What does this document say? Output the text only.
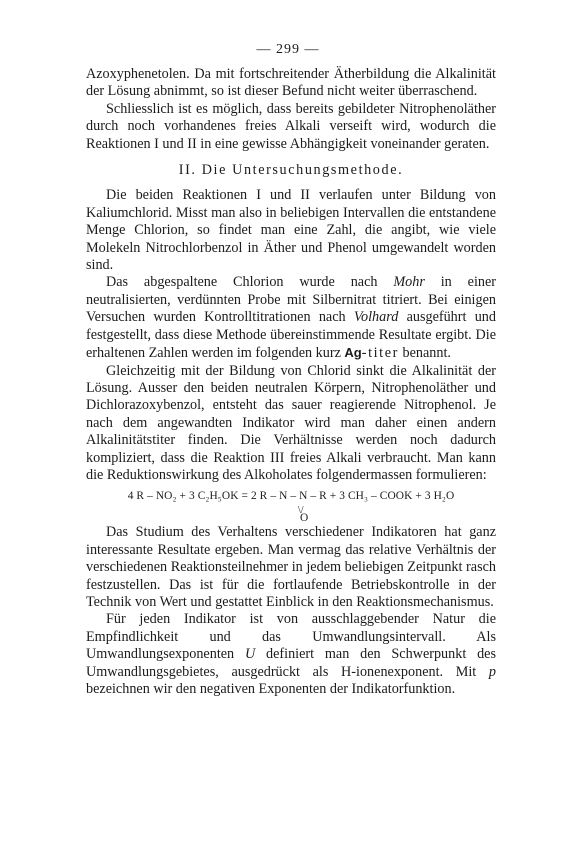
— 299 —

Azoxyphenetolen. Da mit fortschreitender Ätherbildung die Alkalinität der Lösung abnimmt, so ist dieser Befund nicht weiter überraschend.

Schliesslich ist es möglich, dass bereits gebildeter Nitrophenoläther durch noch vorhandenes freies Alkali verseift wird, wodurch die Reaktionen I und II in eine gewisse Abhängigkeit voneinander geraten.

II. Die Untersuchungsmethode.

Die beiden Reaktionen I und II verlaufen unter Bildung von Kaliumchlorid. Misst man also in beliebigen Intervallen die entstandene Menge Chlorion, so findet man eine Zahl, die angibt, wie viele Molekeln Nitrochlorbenzol in Äther und Phenol umgewandelt worden sind.

Das abgespaltene Chlorion wurde nach Mohr in einer neutralisierten, verdünnten Probe mit Silbernitrat titriert. Bei einigen Versuchen wurden Kontrolltitrationen nach Volhard ausgeführt und festgestellt, dass diese Methode übereinstimmende Resultate ergibt. Die erhaltenen Zahlen werden im folgenden kurz Ag-titer benannt.

Gleichzeitig mit der Bildung von Chlorid sinkt die Alkalinität der Lösung. Ausser den beiden neutralen Körpern, Nitrophenoläther und Dichlorazoxybenzol, entsteht das sauer reagierende Nitrophenol. Je nach dem angewandten Indikator wird man daher einen andern Alkalinitätstiter finden. Die Verhältnisse werden noch dadurch kompliziert, dass die Reaktion III freies Alkali verbraucht. Man kann die Reduktionswirkung des Alkoholates folgendermassen formulieren:

4 R – NO₂ + 3 C₂H₅OK = 2 R – N – N – R + 3 CH₃ – COOK + 3 H₂O
\/
O

Das Studium des Verhaltens verschiedener Indikatoren hat ganz interessante Resultate ergeben. Man vermag das relative Verhältnis der verschiedenen Reaktionsteilnehmer in jedem beliebigen Zeitpunkt rasch festzustellen. Das ist für die fortlaufende Betriebskontrolle in der Technik von Wert und gestattet Einblick in den Reaktionsmechanismus.

Für jeden Indikator ist von ausschlaggebender Natur die Empfindlichkeit und das Umwandlungsintervall. Als Umwandlungsexponenten U definiert man den Schwerpunkt des Umwandlungsgebietes, ausgedrückt als H-ionenexponent. Mit p bezeichnen wir den negativen Exponenten der Indikatorfunktion.
